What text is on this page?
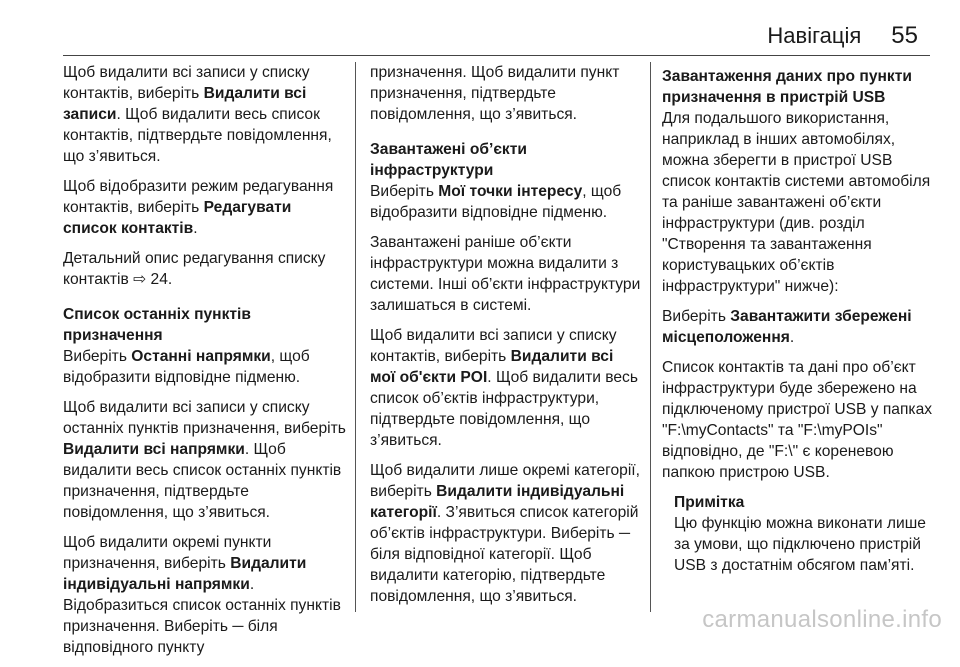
Навігація 55

Щоб видалити всі записи у списку контактів, виберіть Видалити всі записи. Щоб видалити весь список контактів, підтвердьте повідомлення, що з’явиться.

Щоб відобразити режим редагування контактів, виберіть Редагувати список контактів.

Детальний опис редагування списку контактів ⇨ 24.

Список останніх пунктів призначення

Виберіть Останні напрямки, щоб відобразити відповідне підменю.

Щоб видалити всі записи у списку останніх пунктів призначення, виберіть Видалити всі напрямки. Щоб видалити весь список останніх пунктів призначення, підтвердьте повідомлення, що з’явиться.

Щоб видалити окремі пункти призначення, виберіть Видалити індивідуальні напрямки. Відобразиться список останніх пунктів призначення. Виберіть ─ біля відповідного пункту

призначення. Щоб видалити пункт призначення, підтвердьте повідомлення, що з’явиться.

Завантажені об’єкти інфраструктури

Виберіть Мої точки інтересу, щоб відобразити відповідне підменю.

Завантажені раніше об’єкти інфраструктури можна видалити з системи. Інші об’єкти інфраструктури залишаться в системі.

Щоб видалити всі записи у списку контактів, виберіть Видалити всі мої об'єкти POI. Щоб видалити весь список об’єктів інфраструктури, підтвердьте повідомлення, що з’явиться.

Щоб видалити лише окремі категорії, виберіть Видалити індивідуальні категорії. З’явиться список категорій об’єктів інфраструктури. Виберіть ─ біля відповідної категорії. Щоб видалити категорію, підтвердьте повідомлення, що з’явиться.

Завантаження даних про пункти призначення в пристрій USB

Для подальшого використання, наприклад в інших автомобілях, можна зберегти в пристрої USB список контактів системи автомобіля та раніше завантажені об’єкти інфраструктури (див. розділ "Створення та завантаження користувацьких об’єктів інфраструктури" нижче):

Виберіть Завантажити збережені місцеположення.

Список контактів та дані про об’єкт інфраструктури буде збережено на підключеному пристрої USB у папках "F:\myContacts" та "F:\myPOIs" відповідно, де "F:\" є кореневою папкою пристрою USB.

Примітка

Цю функцію можна виконати лише за умови, що підключено пристрій USB з достатнім обсягом пам’яті.

carmanualsonline.info
